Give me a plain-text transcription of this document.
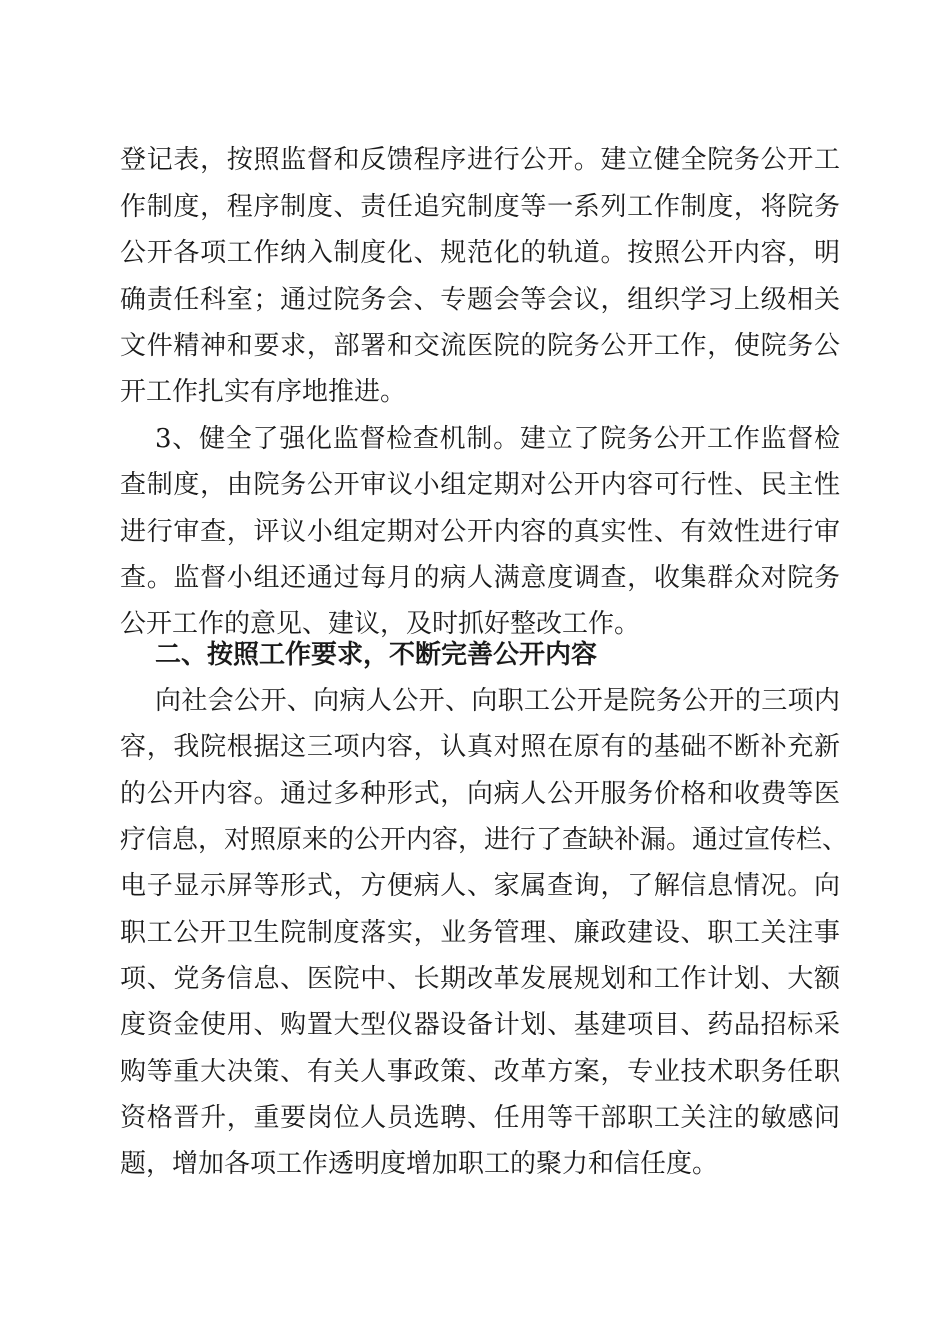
登记表，按照监督和反馈程序进行公开。建立健全院务公开工
作制度，程序制度、责任追究制度等一系列工作制度，将院务
公开各项工作纳入制度化、规范化的轨道。按照公开内容，明
确责任科室；通过院务会、专题会等会议，组织学习上级相关
文件精神和要求，部署和交流医院的院务公开工作，使院务公
开工作扎实有序地推进。
3、健全了强化监督检查机制。建立了院务公开工作监督检
查制度，由院务公开审议小组定期对公开内容可行性、民主性
进行审查，评议小组定期对公开内容的真实性、有效性进行审
查。监督小组还通过每月的病人满意度调查，收集群众对院务
公开工作的意见、建议，及时抓好整改工作。
二、按照工作要求，不断完善公开内容
向社会公开、向病人公开、向职工公开是院务公开的三项内
容，我院根据这三项内容，认真对照在原有的基础不断补充新
的公开内容。通过多种形式，向病人公开服务价格和收费等医
疗信息，对照原来的公开内容，进行了查缺补漏。通过宣传栏、
电子显示屏等形式，方便病人、家属查询，了解信息情况。向
职工公开卫生院制度落实，业务管理、廉政建设、职工关注事
项、党务信息、医院中、长期改革发展规划和工作计划、大额
度资金使用、购置大型仪器设备计划、基建项目、药品招标采
购等重大决策、有关人事政策、改革方案，专业技术职务任职
资格晋升，重要岗位人员选聘、任用等干部职工关注的敏感问
题，增加各项工作透明度增加职工的聚力和信任度。
